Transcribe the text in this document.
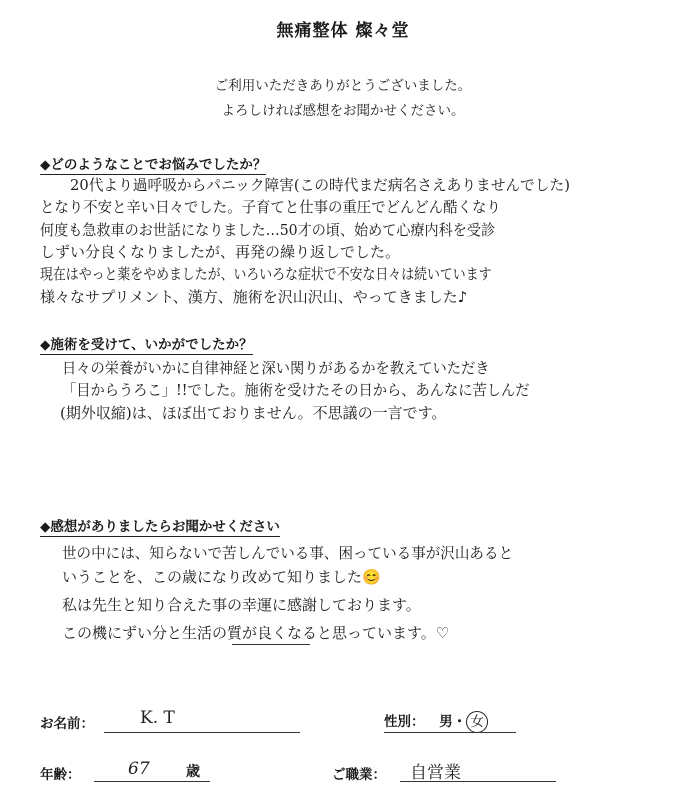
無痛整体 燦々堂
ご利用いただきありがとうございました。
よろしければ感想をお聞かせください。
◆どのようなことでお悩みでしたか？
20代より過呼吸からパニック障害(この時代まだ病名さえありませんでした)
となり不安と辛い日々でした。子育てと仕事の重圧でどんどん酷くなり
何度も急救車のお世話になりました…50才の頃、始めて心療内科を受診
しずい分良くなりましたが、再発の繰り返しでした。
現在はやっと薬をやめましたが、いろいろな症状で不安な日々は続いています
様々なサプリメント、漢方、施術を沢山沢山、やってきました♪
◆施術を受けて、いかがでしたか？
日々の栄養がいかに自律神経と深い関りがあるかを教えていただき
「目からうろこ」!!でした。施術を受けたその日から、あんなに苦しんだ
(期外収縮)は、ほぼ出ておりません。不思議の一言です。
◆感想がありましたらお聞かせください
世の中には、知らないで苦しんでいる事、困っている事が沢山あると
いうことを、この歳になり改めて知りました😊
私は先生と知り合えた事の幸運に感謝しております。
この機にずい分と生活の質が良くなると思っています。♡
お名前：	K. T	性別： 男・ 女
年齢：	67	歳	ご職業： 自営業
